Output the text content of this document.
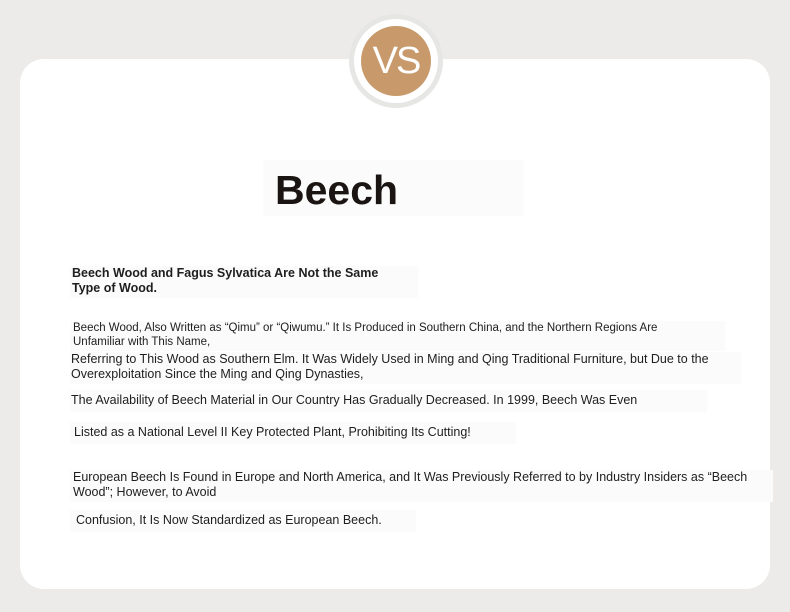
VS
Beech
Beech Wood and Fagus Sylvatica Are Not the Same
Type of Wood.
Beech Wood, Also Written as “Qimu” or “Qiwumu.” It Is Produced in Southern China, and the Northern Regions Are
Unfamiliar with This Name,
Referring to This Wood as Southern Elm. It Was Widely Used in Ming and Qing Traditional Furniture, but Due to the
Overexploitation Since the Ming and Qing Dynasties,
The Availability of Beech Material in Our Country Has Gradually Decreased. In 1999, Beech Was Even
Listed as a National Level II Key Protected Plant, Prohibiting Its Cutting!
European Beech Is Found in Europe and North America, and It Was Previously Referred to by Industry Insiders as “Beech
Wood”; However, to Avoid
Confusion, It Is Now Standardized as European Beech.
